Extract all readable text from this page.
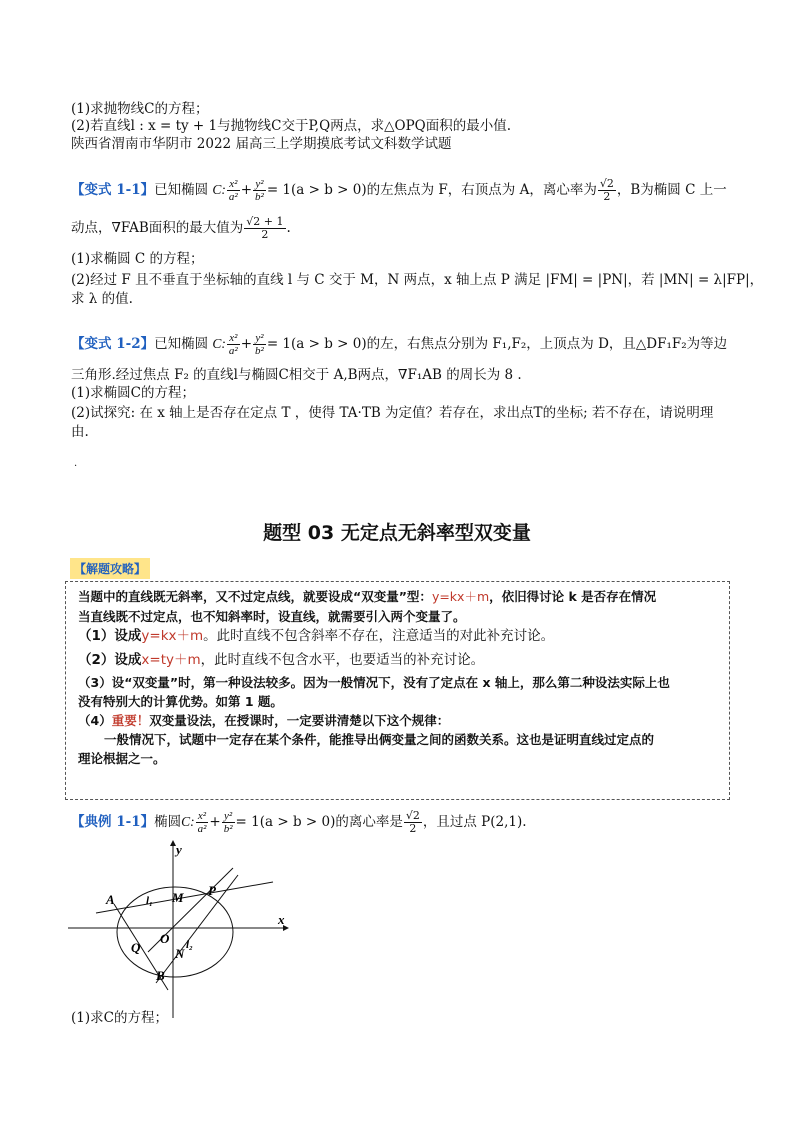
(1)求抛物线C的方程；
(2)若直线l : x = ty + 1与抛物线C交于P,Q两点，求△OPQ面积的最小值.
陕西省渭南市华阴市 2022 届高三上学期摸底考试文科数学试题
【变式 1-1】已知椭圆 C: $\frac{\text{x²}}{\text{a²}} + \frac{\text{y²}}{\text{b²}} = 1(a > b > 0)$的左焦点为 F，右顶点为 A，离心率为 $\frac{√2}{2}$ ，B为椭圆 C 上一
动点，∇FAB面积的最大值为 $\frac{√2 + 1}{2}$ .
(1)求椭圆 C 的方程；
(2)经过 F 且不垂直于坐标轴的直线 l 与 C 交于 M，N 两点，x 轴上点 P 满足 |FM| = |PN|，若 |MN| = λ|FP|，
求 λ 的值.
【变式 1-2】已知椭圆 C: $\frac{\text{x²}}{\text{a²}} + \frac{\text{y²}}{\text{b²}} = 1(a > b > 0)$的左，右焦点分别为 F₁,F₂，上顶点为 D，且△DF₁F₂为等边
三角形.经过焦点 F₂ 的直线l与椭圆C相交于 A,B两点，∇F₁AB 的周长为 8 .
(1)求椭圆C的方程；
(2)试探究: 在 x 轴上是否存在定点 T ，使得 TA·TB 为定值？若存在，求出点T的坐标; 若不存在，请说明理
由.
.
题型 03 无定点无斜率型双变量
【解题攻略】
当题中的直线既无斜率，又不过定点线，就要设成“双变量”型：y=kx＋m，依旧得讨论 k 是否存在情况
当直线既不过定点，也不知斜率时，设直线，就需要引入两个变量了。
（1）设成y=kx＋m。此时直线不包含斜率不存在，注意适当的对此补充讨论。
（2）设成x=ty＋m，此时直线不包含水平，也要适当的补充讨论。
（3）设“双变量”时，第一种设法较多。因为一般情况下，没有了定点在 x 轴上，那么第二种设法实际上也
没有特别大的计算优势。如第 1 题。
（4）重要！双变量设法，在授课时，一定要讲清楚以下这个规律：
一般情况下，试题中一定存在某个条件，能推导出俩变量之间的函数关系。这也是证明直线过定点的
理论根据之一。
【典例 1-1】椭圆C: $\frac{\text{x²}}{\text{a²}} + \frac{\text{y²}}{\text{b²}} = 1(a > b > 0)$的离心率是 $\frac{√2}{2}$ ，且过点 P(2,1).
y
x
A	l₁ M P
O
Q	l₂
N
B
(1)求C的方程；
